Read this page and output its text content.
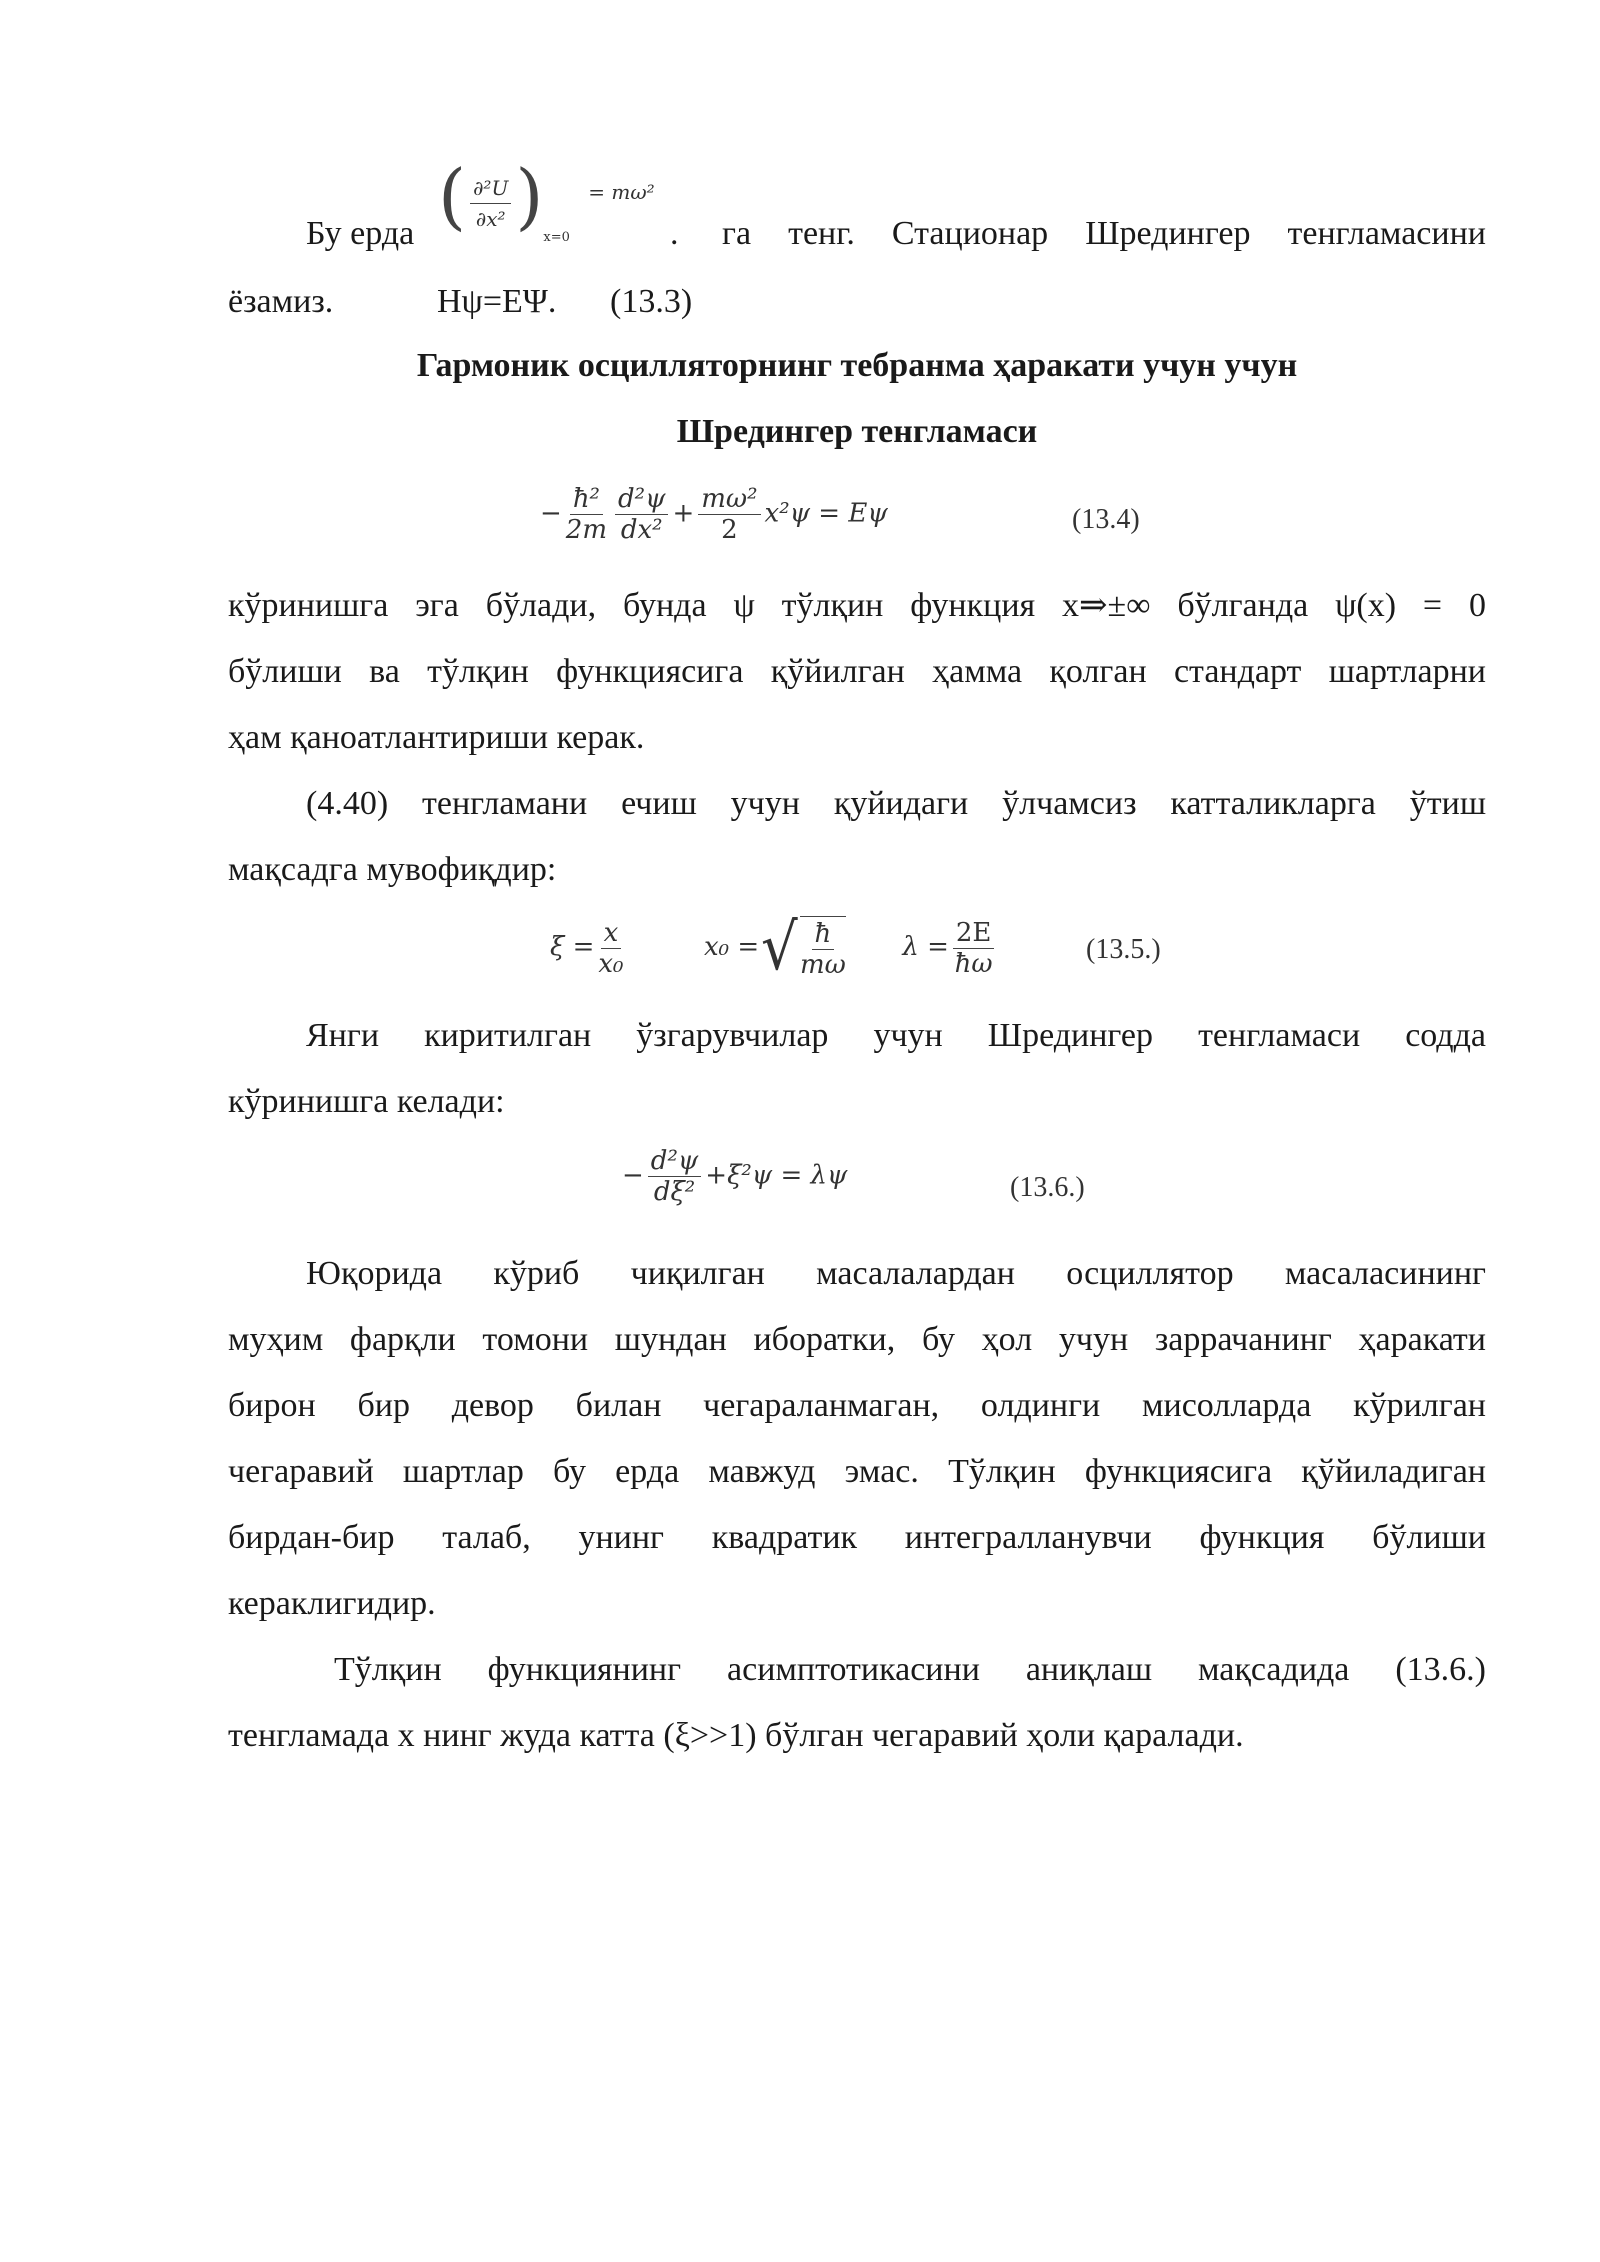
Бу ерда ( $\frac{\text{∂²U}}{\text{∂x²}} )_{x=0} = m\omega^2$
.	га тенг. Стационар Шредингер тенгламасини
ёзамиз.	Hψ=EΨ.	(13.3)
Гармоник осцилляторнинг тебранма ҳаракати учун учун
Шредингер тенгламаси
− $\frac{\text{ħ²}}{2m} \frac{\text{d²ψ}}{\text{dx²}} + \frac{\text{mω²}}{2} x^2\psi = E\psi$	(13.4)
кўринишга эга бўлади, бунда ψ тўлқин функция x⇒±∞ бўлганда ψ(x) = 0
бўлиши ва тўлқин функциясига қўйилган ҳамма қолган стандарт шартларни
ҳам қаноатлантириши керак.
(4.40) тенгламани ечиш учун қуйидаги ўлчамсиз катталикларга ўтиш
мақсадга мувофиқдир:
$\xi = \frac{x}{\text{x₀}}$	x₀ = √ $\frac{ħ}{m\omega}$ $\lambda = \frac{2E}{ħ\omega}$	(13.5.)
Янги киритилган ўзгарувчилар учун Шредингер тенгламаси содда
кўринишга келади:
− $\frac{\text{d²ψ}}{\text{dξ²}} +\xi^2\psi = \lambda\psi$	(13.6.)
Юқорида кўриб чиқилган масалалардан осциллятор масаласининг
муҳим фарқли томони шундан иборатки, бу ҳол учун заррачанинг ҳаракати
бирон бир девор билан чегараланмаган, олдинги мисолларда кўрилган
чегаравий шартлар бу ерда мавжуд эмас. Тўлқин функциясига қўйиладиган
бирдан-бир талаб, унинг квадратик интегралланувчи функция бўлиши
кераклигидир.
Тўлқин функциянинг асимптотикасини аниқлаш мақсадида (13.6.)
тенгламада x нинг жуда катта (ξ>>1) бўлган чегаравий ҳоли қаралади.
